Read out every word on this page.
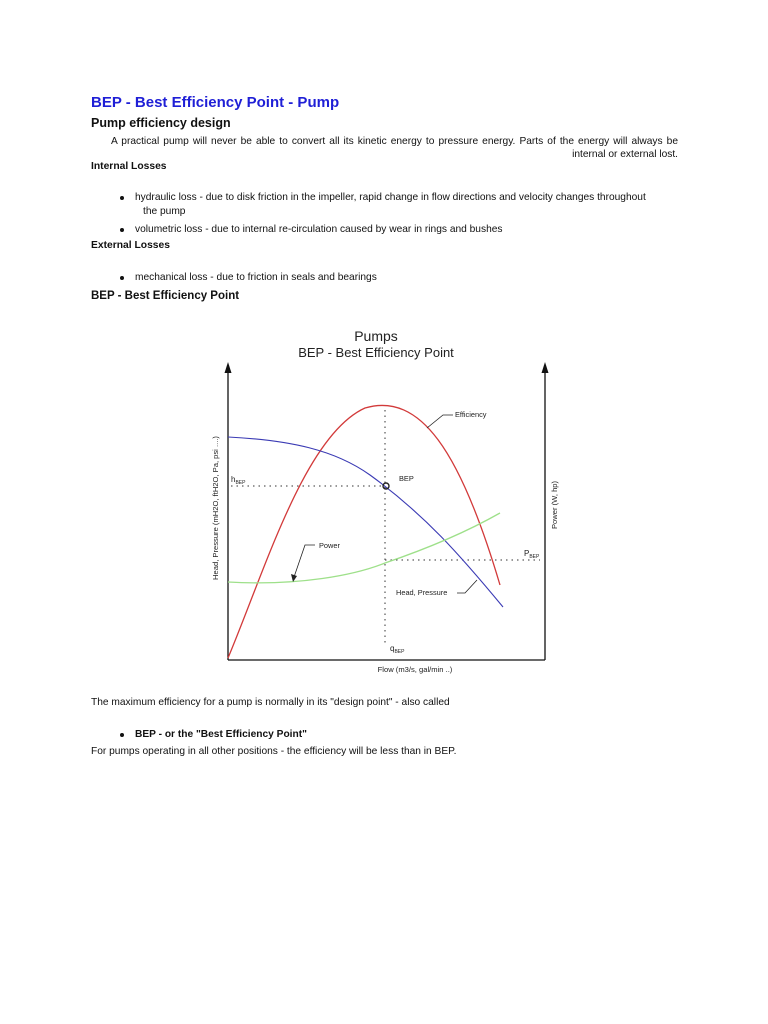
BEP - Best Efficiency Point - Pump
Pump efficiency design

A practical pump will never be able to convert all its kinetic energy to pressure energy. Parts of the energy will always be internal or external lost.

Internal Losses

hydraulic loss - due to disk friction in the impeller, rapid change in flow directions and velocity changes throughout
the pump
volumetric loss - due to internal re-circulation caused by wear in rings and bushes

External Losses

mechanical loss - due to friction in seals and bearings

BEP - Best Efficiency Point

The maximum efficiency for a pump is normally in its "design point" - also called

BEP - or the "Best Efficiency Point"

For pumps operating in all other positions - the efficiency will be less than in BEP.

Pumps
BEP - Best Efficiency Point
Head, Pressure (mH2O, ftH2O, Pa, psi ....)	Power (W, hp)
Flow (m3/s, gal/min ..)
Efficiency
BEP
Power
Head, Pressure
$h_{BEP}$
$P_{BEP}$
$q_{BEP}$
